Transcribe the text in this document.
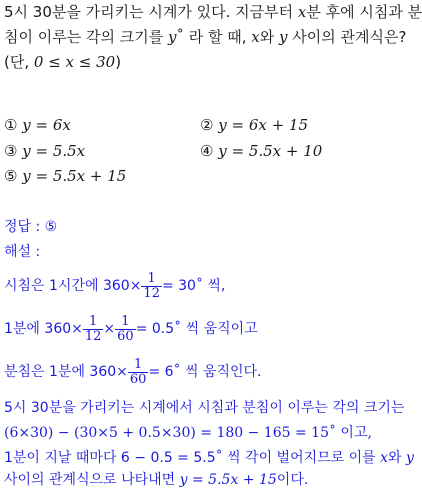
5시 30분을 가리키는 시계가 있다. 지금부터 x분 후에 시침과 분
침이 이루는 각의 크기를 y˚ 라 할 때, x와 y 사이의 관계식은?
(단, 0 ≤ x ≤ 30)
① y = 6x	② y = 6x + 15
③ y = 5.5x	④ y = 5.5x + 10
⑤ y = 5.5x + 15
정답 : ⑤
해설 :
시침은 1시간에 $360 \times \frac{1}{12}$ = 30˚ 씩,
1분에 $360 \times \frac{1}{12} \times \frac{1}{60}$ = 0.5˚ 씩 움직이고
분침은 1분에 $360 \times \frac{1}{60}$ = 6˚ 씩 움직인다.
5시 30분을 가리키는 시계에서 시침과 분침이 이루는 각의 크기는
(6×30) − (30×5 + 0.5×30) = 180 − 165 = 15˚ 이고,
1분이 지날 때마다 6 − 0.5 = 5.5˚ 씩 각이 벌어지므로 이를 x와 y
사이의 관계식으로 나타내면 y = 5.5x + 15이다.
